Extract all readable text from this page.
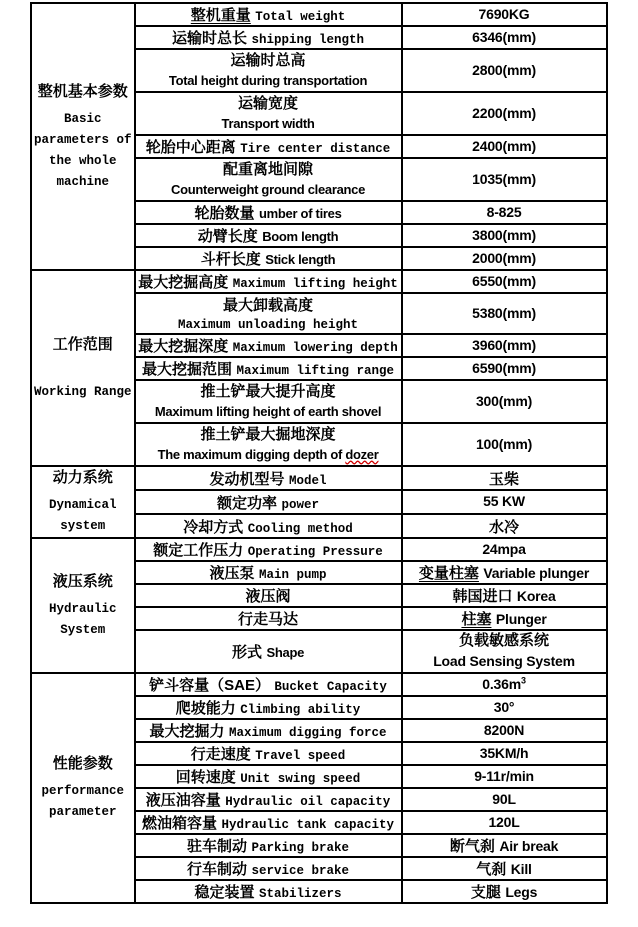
整机基本参数
Basic
parameters of
the whole
machine	整机重量 Total weight	7690KG
	运输时总长 shipping length	6346(mm)

	运输时总高
Total height during transportation	2800(mm)

	运输宽度
Transport width	2200(mm)
	轮胎中心距离 Tire center distance	2400(mm)

	配重离地间隙
Counterweight ground clearance	1035(mm)
	轮胎数量 umber of tires	8-825
	动臂长度 Boom length	3800(mm)
	斗杆长度 Stick length	2000(mm)

工作范围
Working Range	最大挖掘高度 Maximum lifting height	6550(mm)
	最大卸载高度 Maximum unloading height	5380(mm)
	最大挖掘深度 Maximum lowering depth	3960(mm)
	最大挖掘范围 Maximum lifting range	6590(mm)

	推土铲最大提升高度
Maximum lifting height of earth shovel	300(mm)

	推土铲最大掘地深度
The maximum digging depth of dozer	100(mm)

动力系统
Dynamical
system	发动机型号 Model	玉柴
	额定功率 power	55 KW
	冷却方式 Cooling method	水冷

液压系统
Hydraulic
System	额定工作压力 Operating Pressure	24mpa
	液压泵 Main pump	变量柱塞 Variable plunger
	液压阀	韩国进口 Korea
	行走马达	柱塞 Plunger
	形式 Shape	负载敏感系统
Load Sensing System

性能参数
performance
parameter	铲斗容量（SAE） Bucket Capacity	$0.36m^3$
	爬坡能力 Climbing ability	30°
	最大挖掘力 Maximum digging force	8200N
	行走速度 Travel speed	35KM/h
	回转速度 Unit swing speed	9-11r/min
	液压油容量 Hydraulic oil capacity	90L
	燃油箱容量 Hydraulic tank capacity	120L
	驻车制动 Parking brake	断气刹 Air break
	行车制动 service brake	气刹 Kill
	稳定装置 Stabilizers	支腿 Legs
